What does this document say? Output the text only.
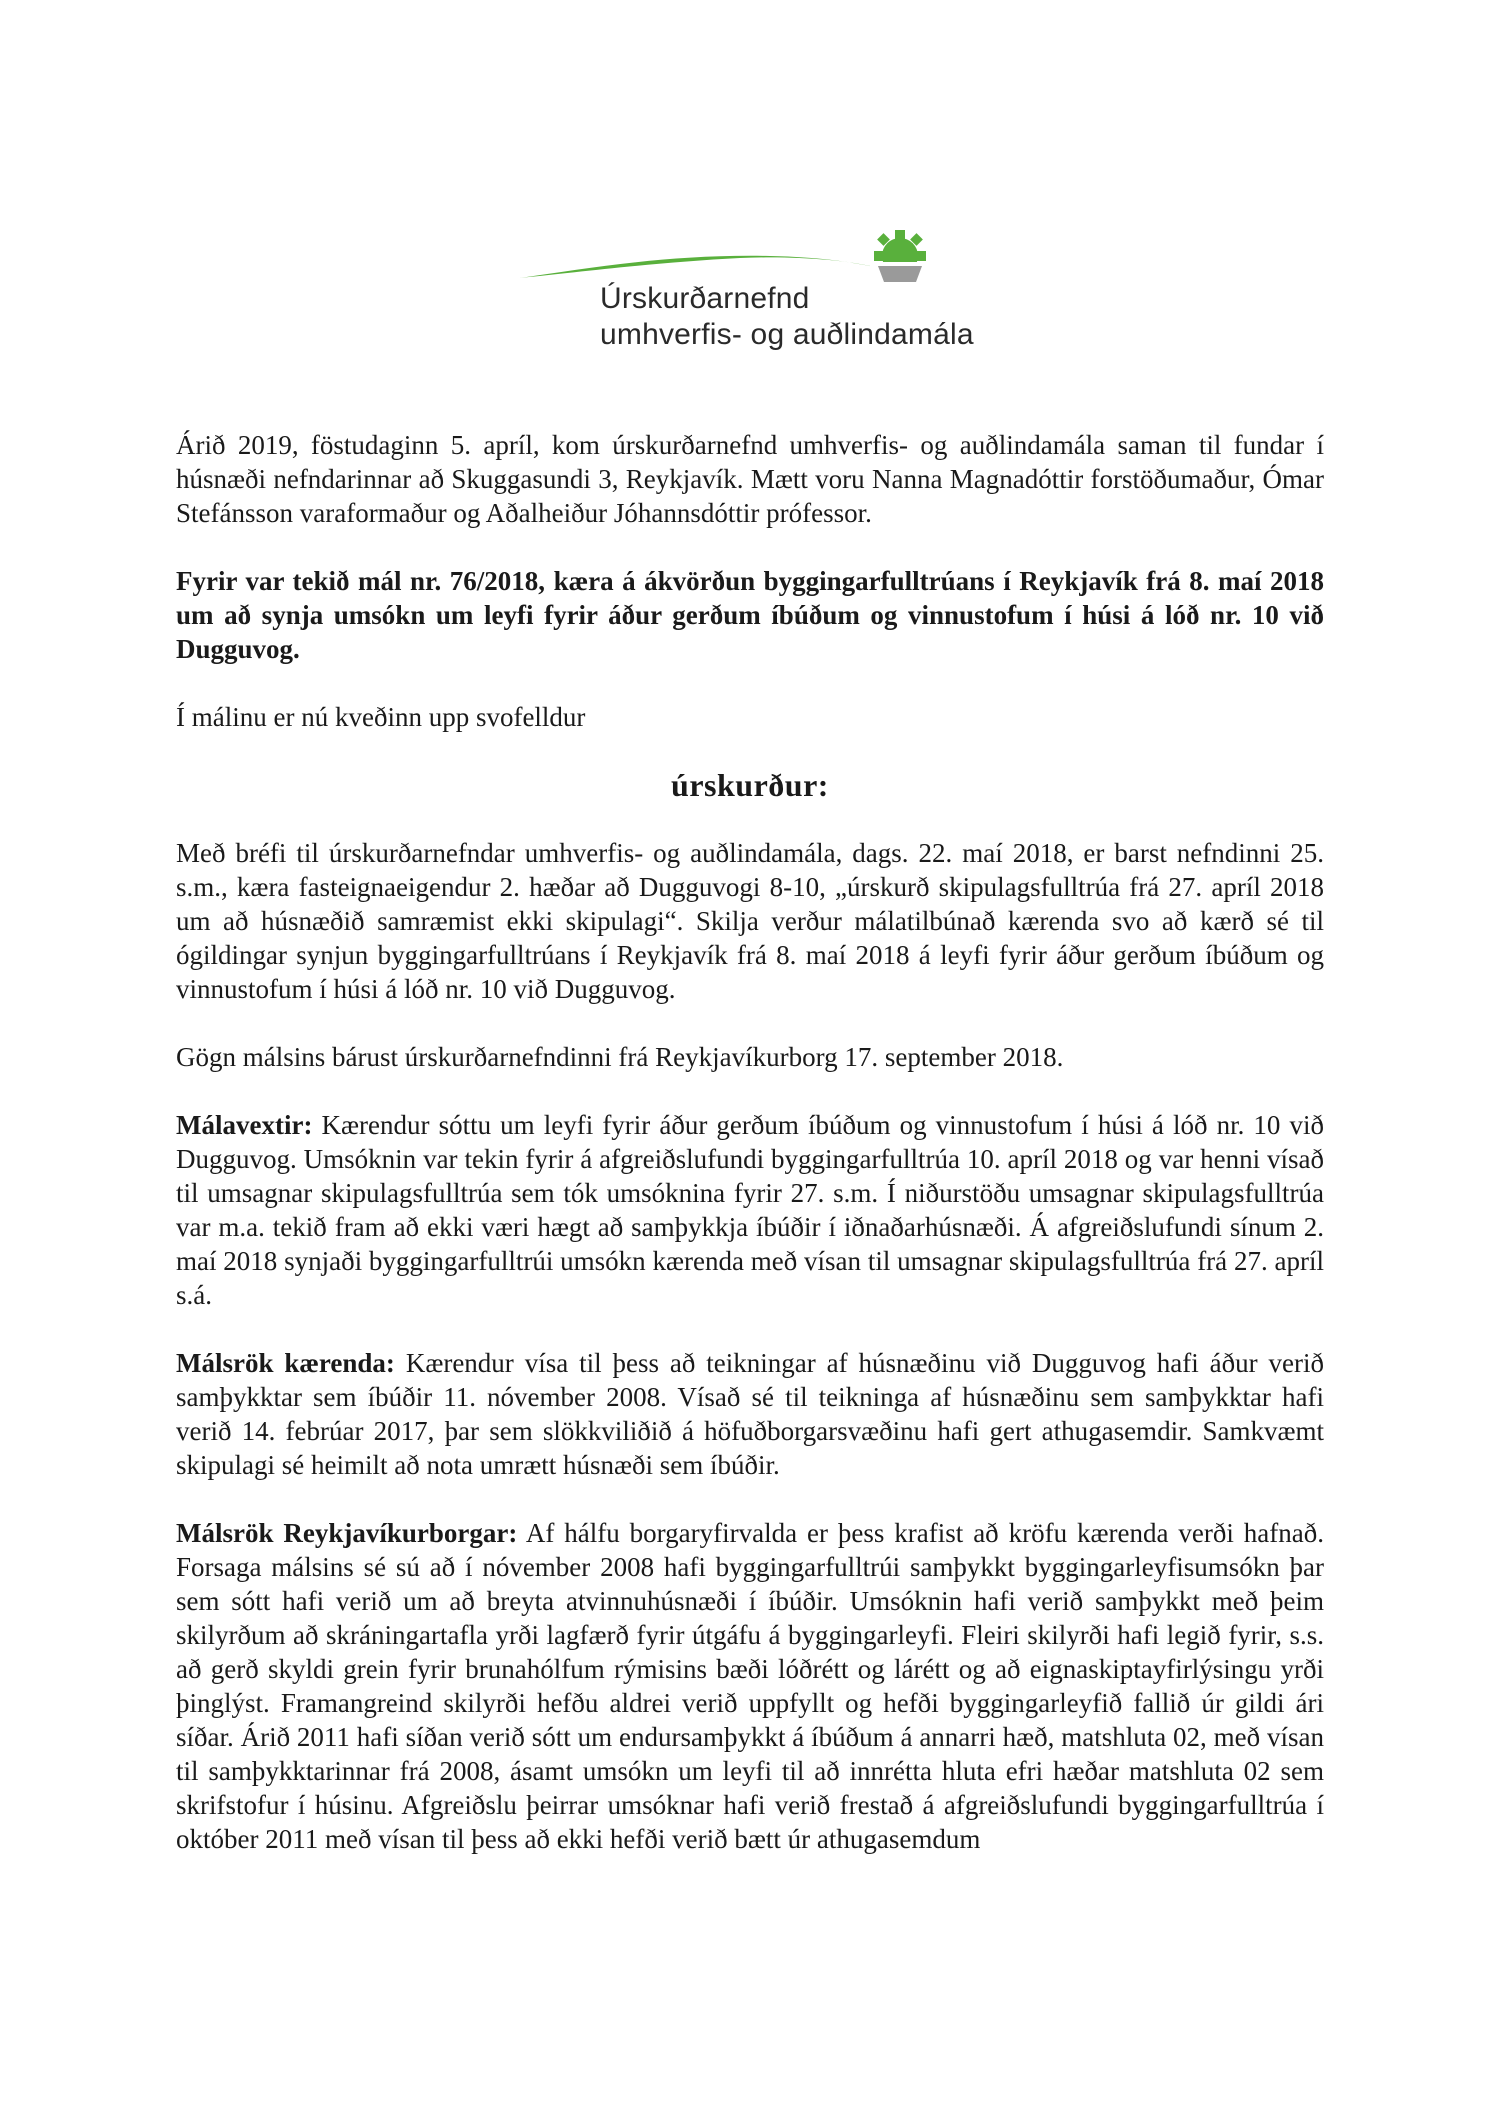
Úrskurðarnefnd
umhverfis- og auðlindamála

Árið 2019, föstudaginn 5. apríl, kom úrskurðarnefnd umhverfis- og auðlindamála saman til fundar í húsnæði nefndarinnar að Skuggasundi 3, Reykjavík. Mætt voru Nanna Magnadóttir forstöðumaður, Ómar Stefánsson varaformaður og Aðalheiður Jóhannsdóttir prófessor.

Fyrir var tekið mál nr. 76/2018, kæra á ákvörðun byggingarfulltrúans í Reykjavík frá 8. maí 2018 um að synja umsókn um leyfi fyrir áður gerðum íbúðum og vinnustofum í húsi á lóð nr. 10 við Dugguvog.

Í málinu er nú kveðinn upp svofelldur

úrskurður:

Með bréfi til úrskurðarnefndar umhverfis- og auðlindamála, dags. 22. maí 2018, er barst nefndinni 25. s.m., kæra fasteignaeigendur 2. hæðar að Dugguvogi 8-10, „úrskurð skipulagsfulltrúa frá 27. apríl 2018 um að húsnæðið samræmist ekki skipulagi“. Skilja verður málatilbúnað kærenda svo að kærð sé til ógildingar synjun byggingarfulltrúans í Reykjavík frá 8. maí 2018 á leyfi fyrir áður gerðum íbúðum og vinnustofum í húsi á lóð nr. 10 við Dugguvog.

Gögn málsins bárust úrskurðarnefndinni frá Reykjavíkurborg 17. september 2018.

Málavextir: Kærendur sóttu um leyfi fyrir áður gerðum íbúðum og vinnustofum í húsi á lóð nr. 10 við Dugguvog. Umsóknin var tekin fyrir á afgreiðslufundi byggingarfulltrúa 10. apríl 2018 og var henni vísað til umsagnar skipulagsfulltrúa sem tók umsóknina fyrir 27. s.m. Í niðurstöðu umsagnar skipulagsfulltrúa var m.a. tekið fram að ekki væri hægt að samþykkja íbúðir í iðnaðarhúsnæði. Á afgreiðslufundi sínum 2. maí 2018 synjaði byggingarfulltrúi umsókn kærenda með vísan til umsagnar skipulagsfulltrúa frá 27. apríl s.á.

Málsrök kærenda: Kærendur vísa til þess að teikningar af húsnæðinu við Dugguvog hafi áður verið samþykktar sem íbúðir 11. nóvember 2008. Vísað sé til teikninga af húsnæðinu sem samþykktar hafi verið 14. febrúar 2017, þar sem slökkviliðið á höfuðborgarsvæðinu hafi gert athugasemdir. Samkvæmt skipulagi sé heimilt að nota umrætt húsnæði sem íbúðir.

Málsrök Reykjavíkurborgar: Af hálfu borgaryfirvalda er þess krafist að kröfu kærenda verði hafnað. Forsaga málsins sé sú að í nóvember 2008 hafi byggingarfulltrúi samþykkt byggingarleyfisumsókn þar sem sótt hafi verið um að breyta atvinnuhúsnæði í íbúðir. Umsóknin hafi verið samþykkt með þeim skilyrðum að skráningartafla yrði lagfærð fyrir útgáfu á byggingarleyfi. Fleiri skilyrði hafi legið fyrir, s.s. að gerð skyldi grein fyrir brunahólfum rýmisins bæði lóðrétt og lárétt og að eignaskiptayfirlýsingu yrði þinglýst. Framangreind skilyrði hefðu aldrei verið uppfyllt og hefði byggingarleyfið fallið úr gildi ári síðar. Árið 2011 hafi síðan verið sótt um endursamþykkt á íbúðum á annarri hæð, matshluta 02, með vísan til samþykktarinnar frá 2008, ásamt umsókn um leyfi til að innrétta hluta efri hæðar matshluta 02 sem skrifstofur í húsinu. Afgreiðslu þeirrar umsóknar hafi verið frestað á afgreiðslufundi byggingarfulltrúa í október 2011 með vísan til þess að ekki hefði verið bætt úr athugasemdum
